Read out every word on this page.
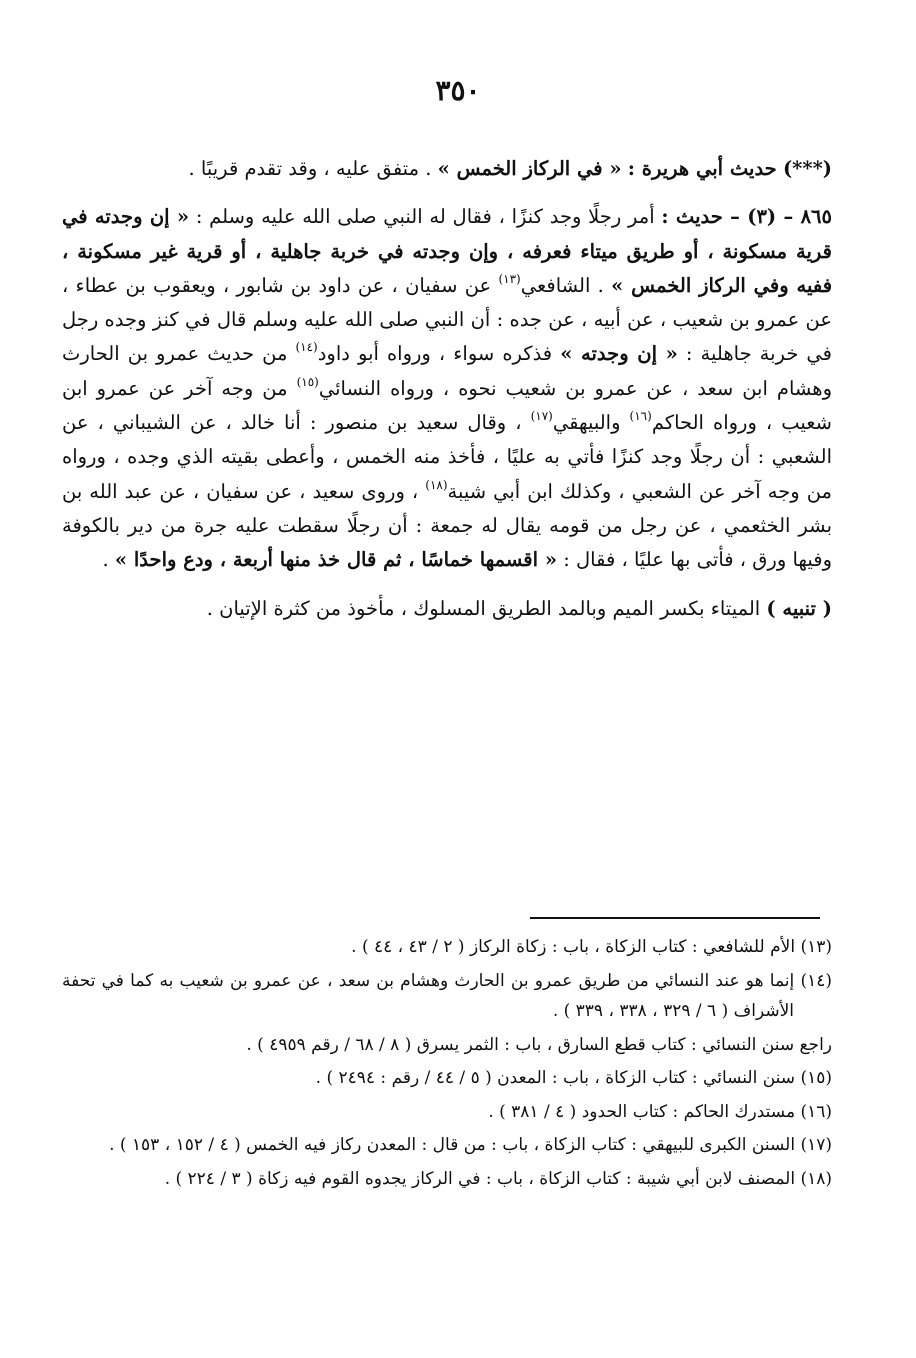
٣٥٠

(***) حديث أبي هريرة : « في الركاز الخمس » . متفق عليه ، وقد تقدم قريبًا .

٨٦٥ – (٣) – حديث : أمر رجلًا وجد كنزًا ، فقال له النبي صلى الله عليه وسلم : « إن وجدته في قرية مسكونة ، أو طريق ميتاء فعرفه ، وإن وجدته في خربة جاهلية ، أو قرية غير مسكونة ، ففيه وفي الركاز الخمس » . الشافعي$^{(١٣)}$ عن سفيان ، عن داود بن شابور ، ويعقوب بن عطاء ، عن عمرو بن شعيب ، عن أبيه ، عن جده : أن النبي صلى الله عليه وسلم قال في كنز وجده رجل في خربة جاهلية : « إن وجدته » فذكره سواء ، ورواه أبو داود$^{(١٤)}$ من حديث عمرو بن الحارث وهشام ابن سعد ، عن عمرو بن شعيب نحوه ، ورواه النسائي$^{(١٥)}$ من وجه آخر عن عمرو ابن شعيب ، ورواه الحاكم$^{(١٦)}$ والبيهقي$^{(١٧)}$ ، وقال سعيد بن منصور : أنا خالد ، عن الشيباني ، عن الشعبي : أن رجلًا وجد كنزًا فأتي به عليًا ، فأخذ منه الخمس ، وأعطى بقيته الذي وجده ، ورواه من وجه آخر عن الشعبي ، وكذلك ابن أبي شيبة$^{(١٨)}$ ، وروى سعيد ، عن سفيان ، عن عبد الله بن بشر الخثعمي ، عن رجل من قومه يقال له جمعة : أن رجلًا سقطت عليه جرة من دير بالكوفة وفيها ورق ، فأتى بها عليًا ، فقال : « اقسمها خماسًا ، ثم قال خذ منها أربعة ، ودع واحدًا » .

( تنبيه ) الميتاء بكسر الميم وبالمد الطريق المسلوك ، مأخوذ من كثرة الإتيان .

(١٣) الأم للشافعي : كتاب الزكاة ، باب : زكاة الركاز ( ٢ / ٤٣ ، ٤٤ ) .

(١٤) إنما هو عند النسائي من طريق عمرو بن الحارث وهشام بن سعد ، عن عمرو بن شعيب به كما في تحفة الأشراف ( ٦ / ٣٢٩ ، ٣٣٨ ، ٣٣٩ ) .

راجع سنن النسائي : كتاب قطع السارق ، باب : الثمر يسرق ( ٨ / ٦٨ / رقم ٤٩٥٩ ) .

(١٥) سنن النسائي : كتاب الزكاة ، باب : المعدن ( ٥ / ٤٤ / رقم : ٢٤٩٤ ) .

(١٦) مستدرك الحاكم : كتاب الحدود ( ٤ / ٣٨١ ) .

(١٧) السنن الكبرى للبيهقي : كتاب الزكاة ، باب : من قال : المعدن ركاز فيه الخمس ( ٤ / ١٥٢ ، ١٥٣ ) .

(١٨) المصنف لابن أبي شيبة : كتاب الزكاة ، باب : في الركاز يجدوه القوم فيه زكاة ( ٣ / ٢٢٤ ) .
